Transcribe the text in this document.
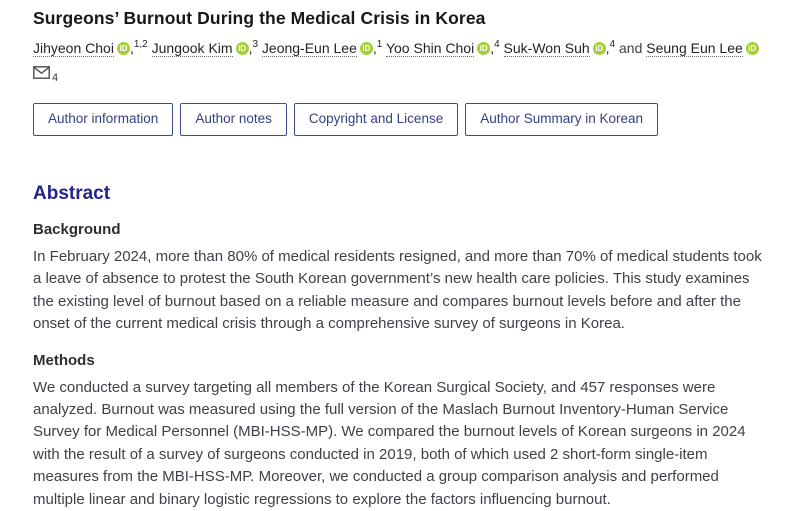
Surgeons’ Burnout During the Medical Crisis in Korea
Jihyeon Choi iD ,$^{1,2}$ Jungook Kim iD ,$^3$ Jeong-Eun Lee iD ,$^1$ Yoo Shin Choi iD ,$^4$ Suk-Won Suh iD ,$^4$ and Seung Eun Lee iD
4
Author information	Author notes	Copyright and License	Author Summary in Korean
Abstract
Background

In February 2024, more than 80% of medical residents resigned, and more than 70% of medical students took a leave of absence to protest the South Korean government’s new health care policies. This study examines the existing level of burnout based on a reliable measure and compares burnout levels before and after the onset of the current medical crisis through a comprehensive survey of surgeons in Korea.

Methods

We conducted a survey targeting all members of the Korean Surgical Society, and 457 responses were analyzed. Burnout was measured using the full version of the Maslach Burnout Inventory-Human Service Survey for Medical Personnel (MBI-HSS-MP). We compared the burnout levels of Korean surgeons in 2024 with the result of a survey of surgeons conducted in 2019, both of which used 2 short-form single-item measures from the MBI-HSS-MP. Moreover, we conducted a group comparison analysis and performed multiple linear and binary logistic regressions to explore the factors influencing burnout.
